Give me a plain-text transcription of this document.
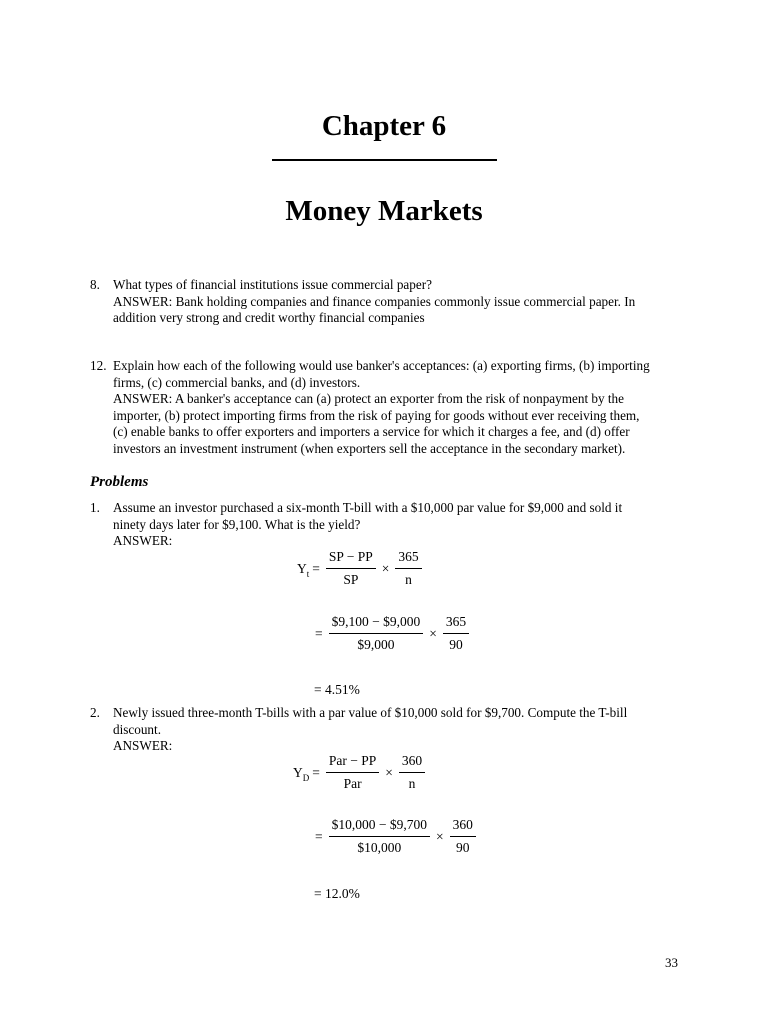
Chapter 6
Money Markets
8. What types of financial institutions issue commercial paper?
ANSWER: Bank holding companies and finance companies commonly issue commercial paper. In
addition very strong and credit worthy financial companies
12. Explain how each of the following would use banker's acceptances: (a) exporting firms, (b) importing
firms, (c) commercial banks, and (d) investors.
ANSWER: A banker's acceptance can (a) protect an exporter from the risk of nonpayment by the
importer, (b) protect importing firms from the risk of paying for goods without ever receiving them,
(c) enable banks to offer exporters and importers a service for which it charges a fee, and (d) offer
investors an investment instrument (when exporters sell the acceptance in the secondary market).
Problems
1. Assume an investor purchased a six-month T-bill with a $10,000 par value for $9,000 and sold it
ninety days later for $9,100. What is the yield?
ANSWER:
$Y_t = \frac{SP - PP}{SP} \times \frac{365}{n}$
= $\frac{\$9,100 - \$9,000}{\$9,000} \times \frac{365}{90}$
= 4.51%
2. Newly issued three-month T-bills with a par value of $10,000 sold for $9,700. Compute the T-bill
discount.
ANSWER:
$Y_D = \frac{\text{Par − PP}}{\text{Par}} \times \frac{360}{n}$
= $\frac{\$10,000 - \$9,700}{\$10,000} \times \frac{360}{90}$
= 12.0%
33
